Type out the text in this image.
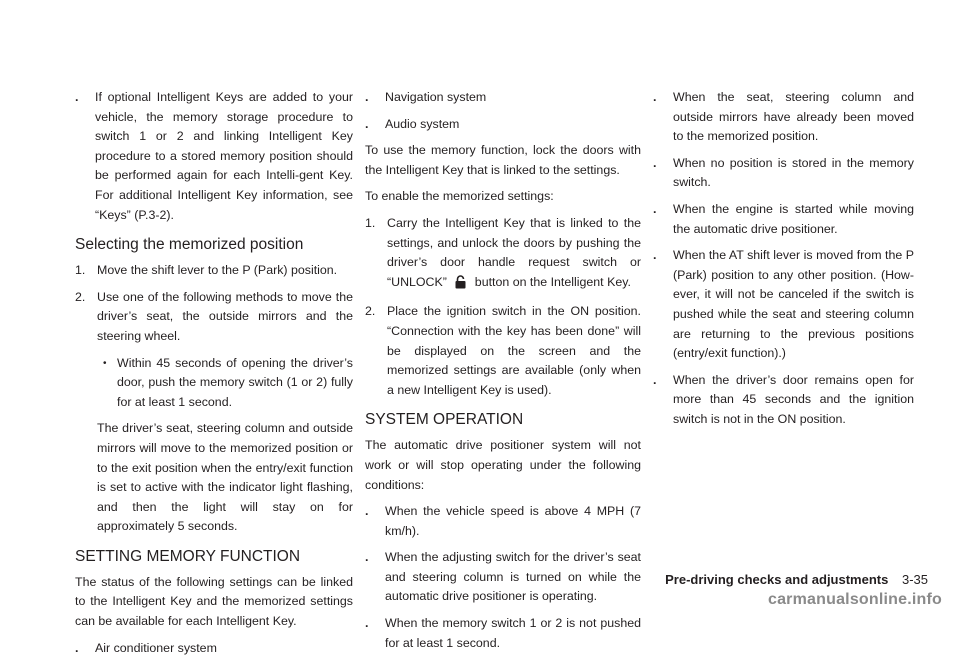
.	If optional Intelligent Keys are added to your vehicle, the memory storage procedure to switch 1 or 2 and linking Intelligent Key procedure to a stored memory position should be performed again for each Intelli-gent Key. For additional Intelligent Key information, see “Keys” (P.3-2).
Selecting the memorized position
1. Move the shift lever to the P (Park) position.
2. Use one of the following methods to move the driver’s seat, the outside mirrors and the steering wheel.
• Within 45 seconds of opening the driver’s door, push the memory switch (1 or 2) fully for at least 1 second.

The driver’s seat, steering column and outside mirrors will move to the memorized position or to the exit position when the entry/exit function is set to active with the indicator light flashing, and then the light will stay on for approximately 5 seconds.

SETTING MEMORY FUNCTION

The status of the following settings can be linked to the Intelligent Key and the memorized settings can be available for each Intelligent Key.

.	Air conditioner system
.	Navigation system
.	Audio system

To use the memory function, lock the doors with the Intelligent Key that is linked to the settings.

To enable the memorized settings:

1. Carry the Intelligent Key that is linked to the settings, and unlock the doors by pushing the driver’s door handle request switch or “UNLOCK” button on the Intelligent Key.
2. Place the ignition switch in the ON position. “Connection with the key has been done” will be displayed on the screen and the memorized settings are available (only when a new Intelligent Key is used).
SYSTEM OPERATION

The automatic drive positioner system will not work or will stop operating under the following conditions:

.	When the vehicle speed is above 4 MPH (7 km/h).
.	When the adjusting switch for the driver’s seat and steering column is turned on while the automatic drive positioner is operating.
.	When the memory switch 1 or 2 is not pushed for at least 1 second.
.	When the seat, steering column and outside mirrors have already been moved to the memorized position.
.	When no position is stored in the memory switch.
.	When the engine is started while moving the automatic drive positioner.
.	When the AT shift lever is moved from the P (Park) position to any other position. (How-ever, it will not be canceled if the switch is pushed while the seat and steering column are returning to the previous positions (entry/exit function).)
.	When the driver’s door remains open for more than 45 seconds and the ignition switch is not in the ON position.
Pre-driving checks and adjustments 3-35
carmanualsonline.info
